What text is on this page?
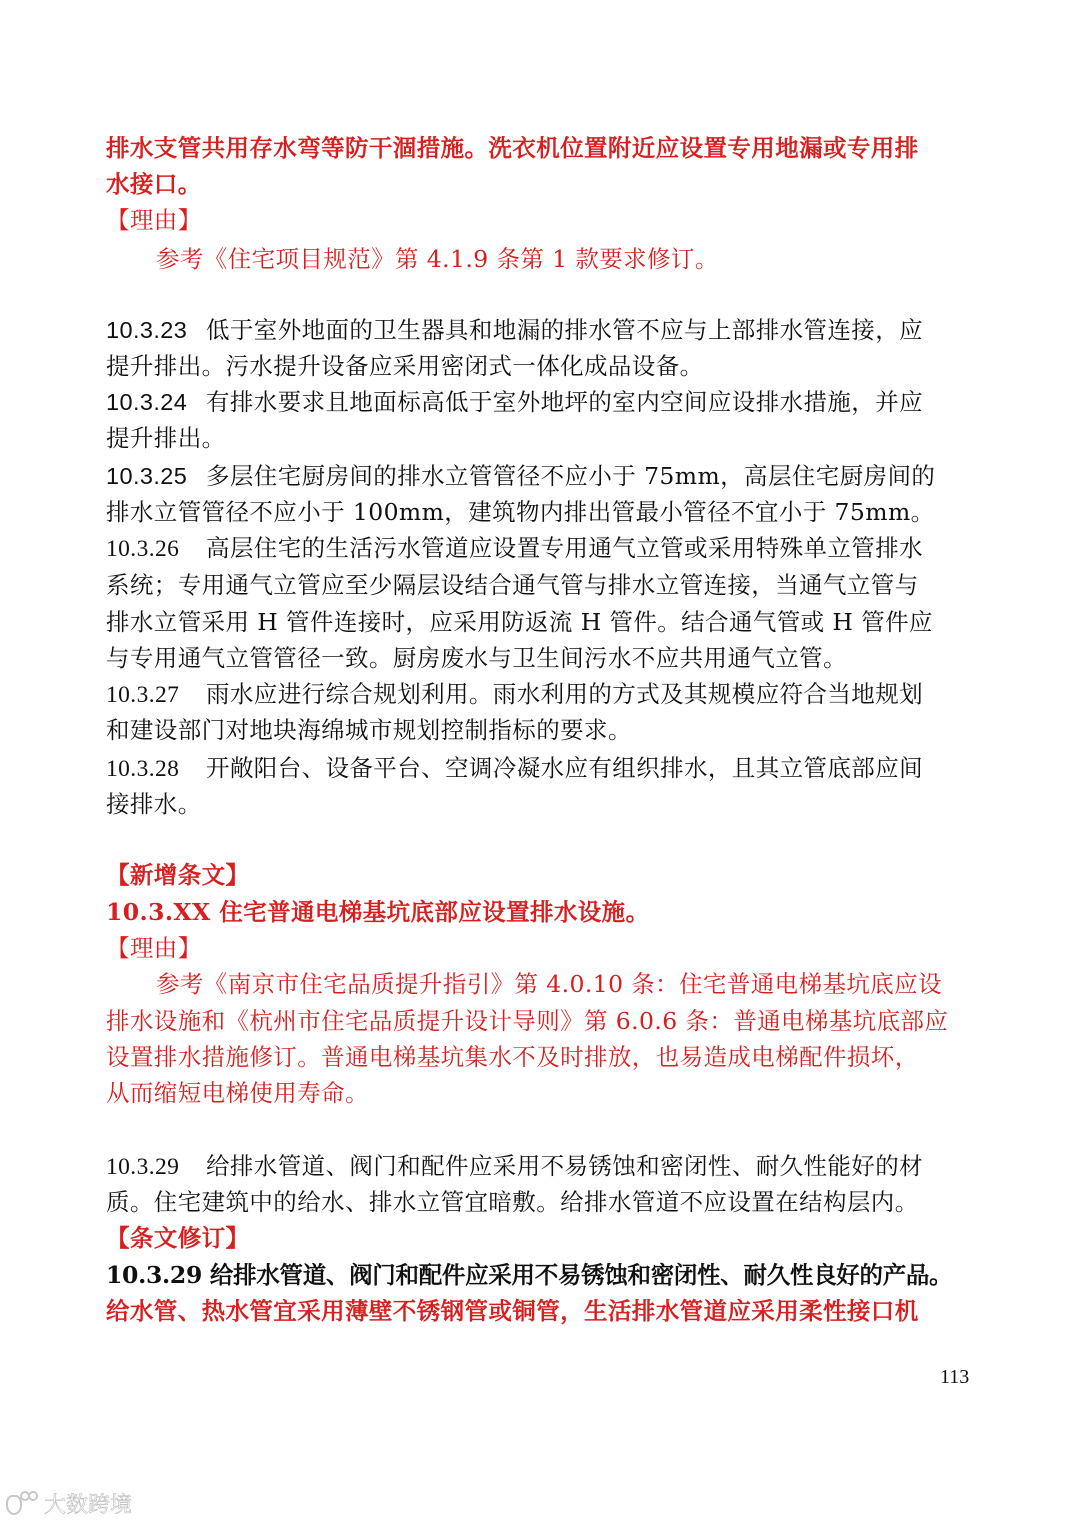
排水支管共用存水弯等防干涸措施。洗衣机位置附近应设置专用地漏或专用排
水接口。
【理由】
参考《住宅项目规范》第 4.1.9 条第 1 款要求修订。
10.3.23 低于室外地面的卫生器具和地漏的排水管不应与上部排水管连接，应
提升排出。污水提升设备应采用密闭式一体化成品设备。
10.3.24 有排水要求且地面标高低于室外地坪的室内空间应设排水措施，并应
提升排出。
10.3.25 多层住宅厨房间的排水立管管径不应小于 75mm，高层住宅厨房间的
排水立管管径不应小于 100mm，建筑物内排出管最小管径不宜小于 75mm。
10.3.26 高层住宅的生活污水管道应设置专用通气立管或采用特殊单立管排水
系统；专用通气立管应至少隔层设结合通气管与排水立管连接，当通气立管与
排水立管采用 H 管件连接时，应采用防返流 H 管件。结合通气管或 H 管件应
与专用通气立管管径一致。厨房废水与卫生间污水不应共用通气立管。
10.3.27 雨水应进行综合规划利用。雨水利用的方式及其规模应符合当地规划
和建设部门对地块海绵城市规划控制指标的要求。
10.3.28 开敞阳台、设备平台、空调冷凝水应有组织排水，且其立管底部应间
接排水。
【新增条文】
10.3.XX 住宅普通电梯基坑底部应设置排水设施。
【理由】
参考《南京市住宅品质提升指引》第 4.0.10 条：住宅普通电梯基坑底应设
排水设施和《杭州市住宅品质提升设计导则》第 6.0.6 条：普通电梯基坑底部应
设置排水措施修订。普通电梯基坑集水不及时排放，也易造成电梯配件损坏，
从而缩短电梯使用寿命。
10.3.29 给排水管道、阀门和配件应采用不易锈蚀和密闭性、耐久性能好的材
质。住宅建筑中的给水、排水立管宜暗敷。给排水管道不应设置在结构层内。
【条文修订】
10.3.29 给排水管道、阀门和配件应采用不易锈蚀和密闭性、耐久性良好的产品。
给水管、热水管宜采用薄壁不锈钢管或铜管，生活排水管道应采用柔性接口机
113
大数跨境
